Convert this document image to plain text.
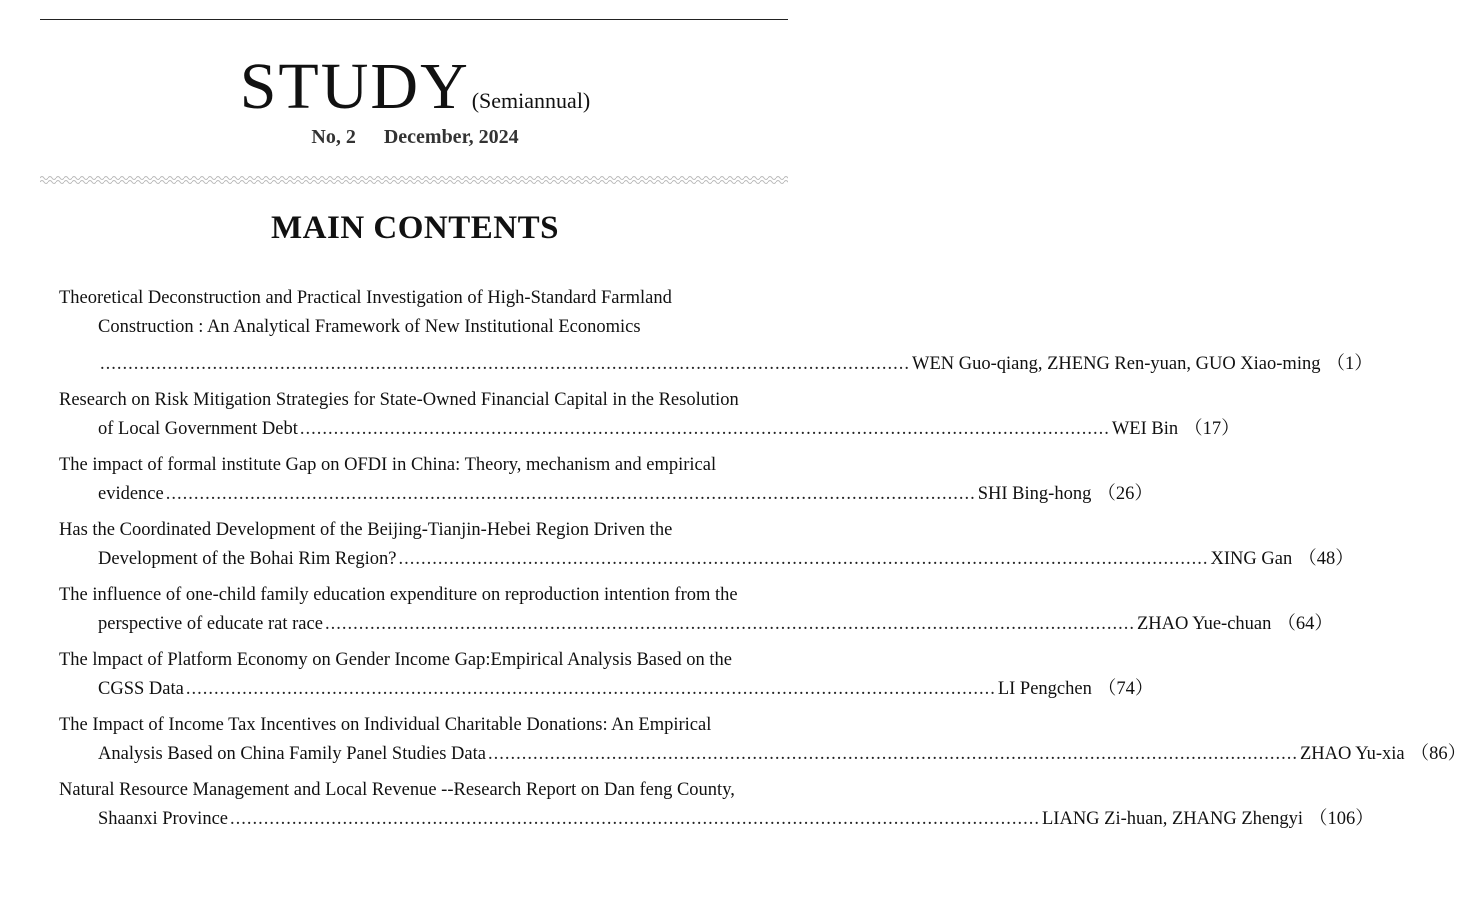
STUDY(Semiannual)
No, 2 December, 2024
MAIN CONTENTS
Theoretical Deconstruction and Practical Investigation of High-Standard Farmland
Construction : An Analytical Framework of New Institutional Economics
................................................................................................................................................ WEN Guo-qiang, ZHENG Ren-yuan, GUO Xiao-ming （1）
Research on Risk Mitigation Strategies for State-Owned Financial Capital in the Resolution
of Local Government Debt ................................................................................................................................................ WEI Bin （17）
The impact of formal institute Gap on OFDI in China: Theory, mechanism and empirical
evidence ................................................................................................................................................ SHI Bing-hong （26）
Has the Coordinated Development of the Beijing-Tianjin-Hebei Region Driven the
Development of the Bohai Rim Region? ................................................................................................................................................ XING Gan （48）
The influence of one-child family education expenditure on reproduction intention from the
perspective of educate rat race ................................................................................................................................................ ZHAO Yue-chuan （64）
The lmpact of Platform Economy on Gender Income Gap:Empirical Analysis Based on the
CGSS Data ................................................................................................................................................ LI Pengchen （74）
The Impact of Income Tax Incentives on Individual Charitable Donations: An Empirical
Analysis Based on China Family Panel Studies Data ................................................................................................................................................ ZHAO Yu-xia （86）
Natural Resource Management and Local Revenue --Research Report on Dan feng County,
Shaanxi Province ................................................................................................................................................ LIANG Zi-huan, ZHANG Zhengyi （106）
